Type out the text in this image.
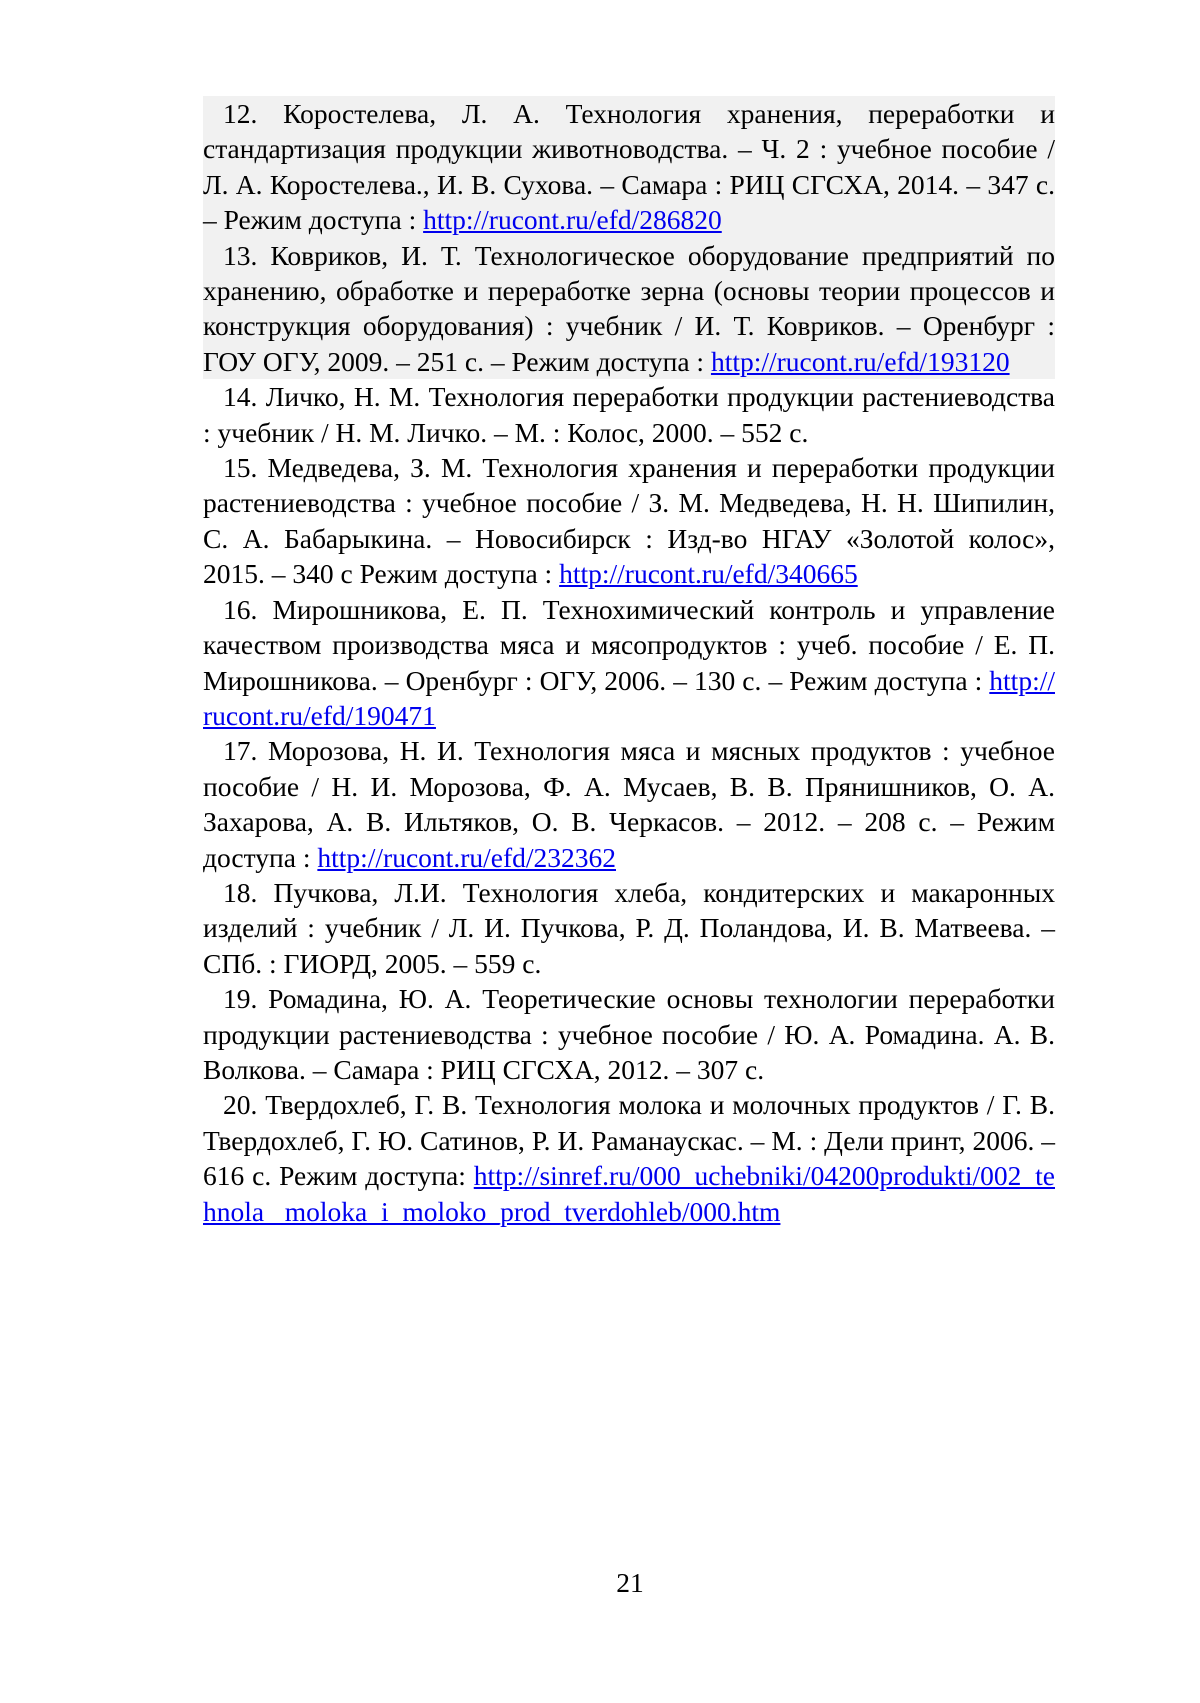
12. Коростелева, Л. А. Технология хранения, переработки и стандартизация продукции животноводства. – Ч. 2 : учебное пособие / Л. А. Коростелева., И. В. Сухова. – Самара : РИЦ СГСХА, 2014. – 347 с. – Режим доступа : http://rucont.ru/efd/286820

13. Ковриков, И. Т. Технологическое оборудование предприятий по хранению, обработке и переработке зерна (основы теории процессов и конструкция оборудования) : учебник / И. Т. Ковриков. – Оренбург : ГОУ ОГУ, 2009. – 251 с. – Режим доступа : http://rucont.ru/efd/193120

14. Личко, Н. М. Технология переработки продукции растениеводства : учебник / Н. М. Личко. – М. : Колос, 2000. – 552 с.

15. Медведева, З. М. Технология хранения и переработки продукции растениеводства : учебное пособие / З. М. Медведева, Н. Н. Шипилин, С. А. Бабарыкина. – Новосибирск : Изд-во НГАУ «Золотой колос», 2015. – 340 с Режим доступа : http://rucont.ru/efd/340665

16. Мирошникова, Е. П. Технохимический контроль и управление качеством производства мяса и мясопродуктов : учеб. пособие / Е. П. Мирошникова. – Оренбург : ОГУ, 2006. – 130 с. – Режим доступа : http://rucont.ru/efd/190471

17. Морозова, Н. И. Технология мяса и мясных продуктов : учебное пособие / Н. И. Морозова, Ф. А. Мусаев, В. В. Прянишников, О. А. Захарова, А. В. Ильтяков, О. В. Черкасов. – 2012. – 208 с. – Режим доступа : http://rucont.ru/efd/232362

18. Пучкова, Л.И. Технология хлеба, кондитерских и макаронных изделий : учебник / Л. И. Пучкова, Р. Д. Поландова, И. В. Матвеева. – СПб. : ГИОРД, 2005. – 559 с.

19. Ромадина, Ю. А. Теоретические основы технологии переработки продукции растениеводства : учебное пособие / Ю. А. Ромадина. А. В. Волкова. – Самара : РИЦ СГСХА, 2012. – 307 с.

20. Твердохлеб, Г. В. Технология молока и молочных продуктов / Г. В. Твердохлеб, Г. Ю. Сатинов, Р. И. Раманаускас. – М. : Дели принт, 2006. – 616 с. Режим доступа: http://sinref.ru/000_uchebniki/04200produkti/002_tehnola_ moloka_i_moloko_prod_tverdohleb/000.htm

21
